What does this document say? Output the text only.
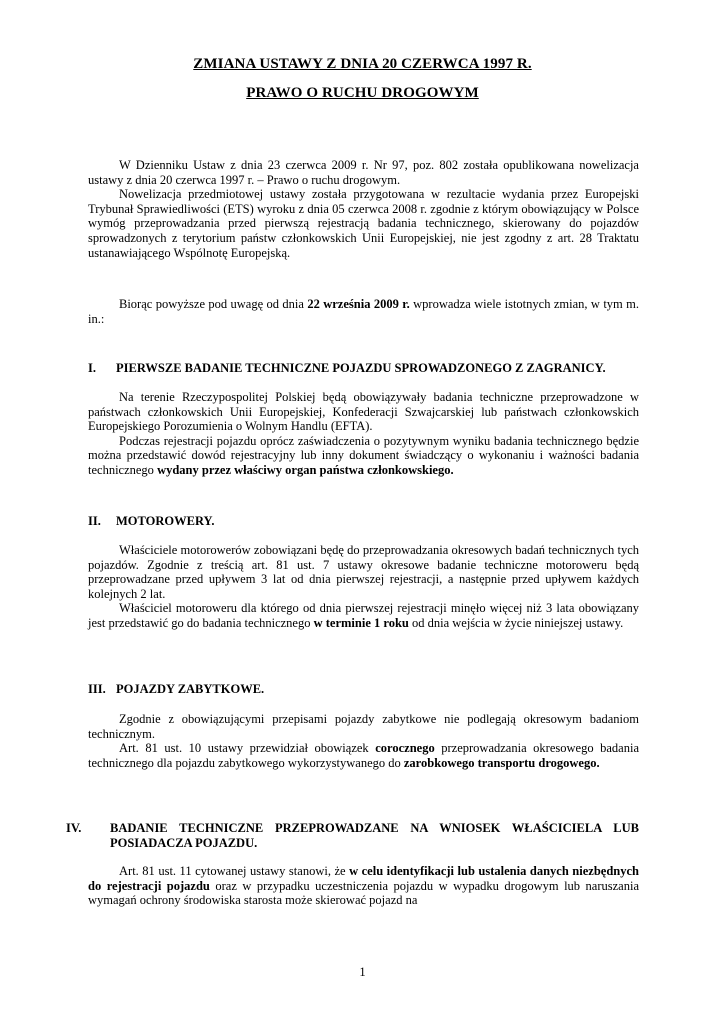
ZMIANA USTAWY Z DNIA 20 CZERWCA 1997 R.
PRAWO O RUCHU DROGOWYM

W Dzienniku Ustaw z dnia 23 czerwca 2009 r. Nr 97, poz. 802 została opublikowana nowelizacja ustawy z dnia 20 czerwca 1997 r. – Prawo o ruchu drogowym.

Nowelizacja przedmiotowej ustawy została przygotowana w rezultacie wydania przez Europejski Trybunał Sprawiedliwości (ETS) wyroku z dnia 05 czerwca 2008 r. zgodnie z którym obowiązujący w Polsce wymóg przeprowadzania przed pierwszą rejestracją badania technicznego, skierowany do pojazdów sprowadzonych z terytorium państw członkowskich Unii Europejskiej, nie jest zgodny z art. 28 Traktatu ustanawiającego Wspólnotę Europejską.

Biorąc powyższe pod uwagę od dnia 22 września 2009 r. wprowadza wiele istotnych zmian, w tym m. in.:

I. PIERWSZE BADANIE TECHNICZNE POJAZDU SPROWADZONEGO Z ZAGRANICY.

Na terenie Rzeczypospolitej Polskiej będą obowiązywały badania techniczne przeprowadzone w państwach członkowskich Unii Europejskiej, Konfederacji Szwajcarskiej lub państwach członkowskich Europejskiego Porozumienia o Wolnym Handlu (EFTA).

Podczas rejestracji pojazdu oprócz zaświadczenia o pozytywnym wyniku badania technicznego będzie można przedstawić dowód rejestracyjny lub inny dokument świadczący o wykonaniu i ważności badania technicznego wydany przez właściwy organ państwa członkowskiego.

II. MOTOROWERY.

Właściciele motorowerów zobowiązani będę do przeprowadzania okresowych badań technicznych tych pojazdów. Zgodnie z treścią art. 81 ust. 7 ustawy okresowe badanie techniczne motoroweru będą przeprowadzane przed upływem 3 lat od dnia pierwszej rejestracji, a następnie przed upływem każdych kolejnych 2 lat.

Właściciel motoroweru dla którego od dnia pierwszej rejestracji minęło więcej niż 3 lata obowiązany jest przedstawić go do badania technicznego w terminie 1 roku od dnia wejścia w życie niniejszej ustawy.

III. POJAZDY ZABYTKOWE.

Zgodnie z obowiązującymi przepisami pojazdy zabytkowe nie podlegają okresowym badaniom technicznym.

Art. 81 ust. 10 ustawy przewidział obowiązek corocznego przeprowadzania okresowego badania technicznego dla pojazdu zabytkowego wykorzystywanego do zarobkowego transportu drogowego.

IV. BADANIE TECHNICZNE PRZEPROWADZANE NA WNIOSEK WŁAŚCICIELA LUB POSIADACZA POJAZDU.

Art. 81 ust. 11 cytowanej ustawy stanowi, że w celu identyfikacji lub ustalenia danych niezbędnych do rejestracji pojazdu oraz w przypadku uczestniczenia pojazdu w wypadku drogowym lub naruszania wymagań ochrony środowiska starosta może skierować pojazd na

1
